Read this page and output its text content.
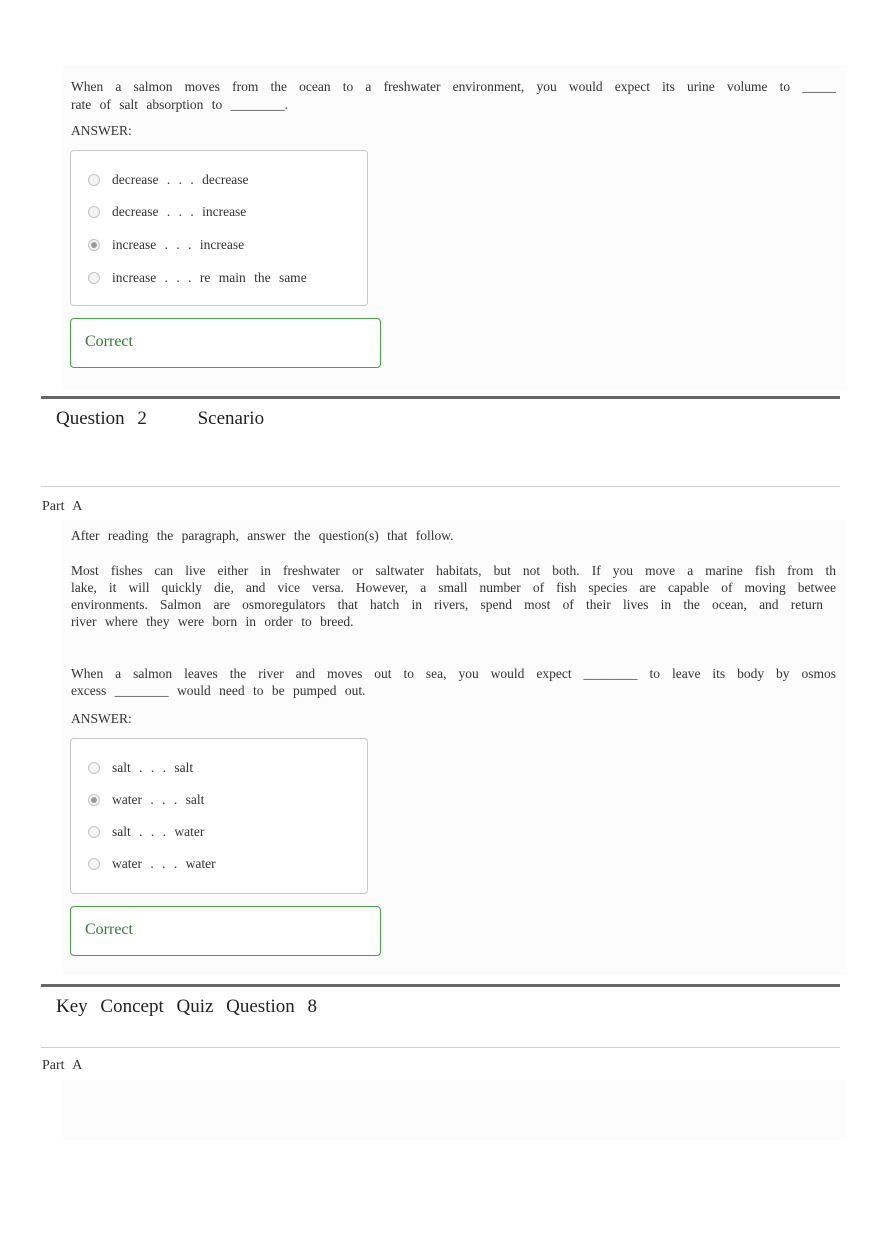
When a salmon moves from the ocean to a freshwater environment, you would expect its urine volume to _____
rate of salt absorption to ________.
ANSWER:
decrease . . . decrease
decrease . . . increase
increase . . . increase
increase . . . re main the same
Correct
Question 2	Scenario
Part A
After reading the paragraph, answer the question(s) that follow.
Most fishes can live either in freshwater or saltwater habitats, but not both. If you move a marine fish from th
lake, it will quickly die, and vice versa. However, a small number of fish species are capable of moving betwee
environments. Salmon are osmoregulators that hatch in rivers, spend most of their lives in the ocean, and return
river where they were born in order to breed.
When a salmon leaves the river and moves out to sea, you would expect ________ to leave its body by osmos
excess ________ would need to be pumped out.
ANSWER:
salt . . . salt
water . . . salt
salt . . . water
water . . . water
Correct
Key Concept Quiz Question 8
Part A
